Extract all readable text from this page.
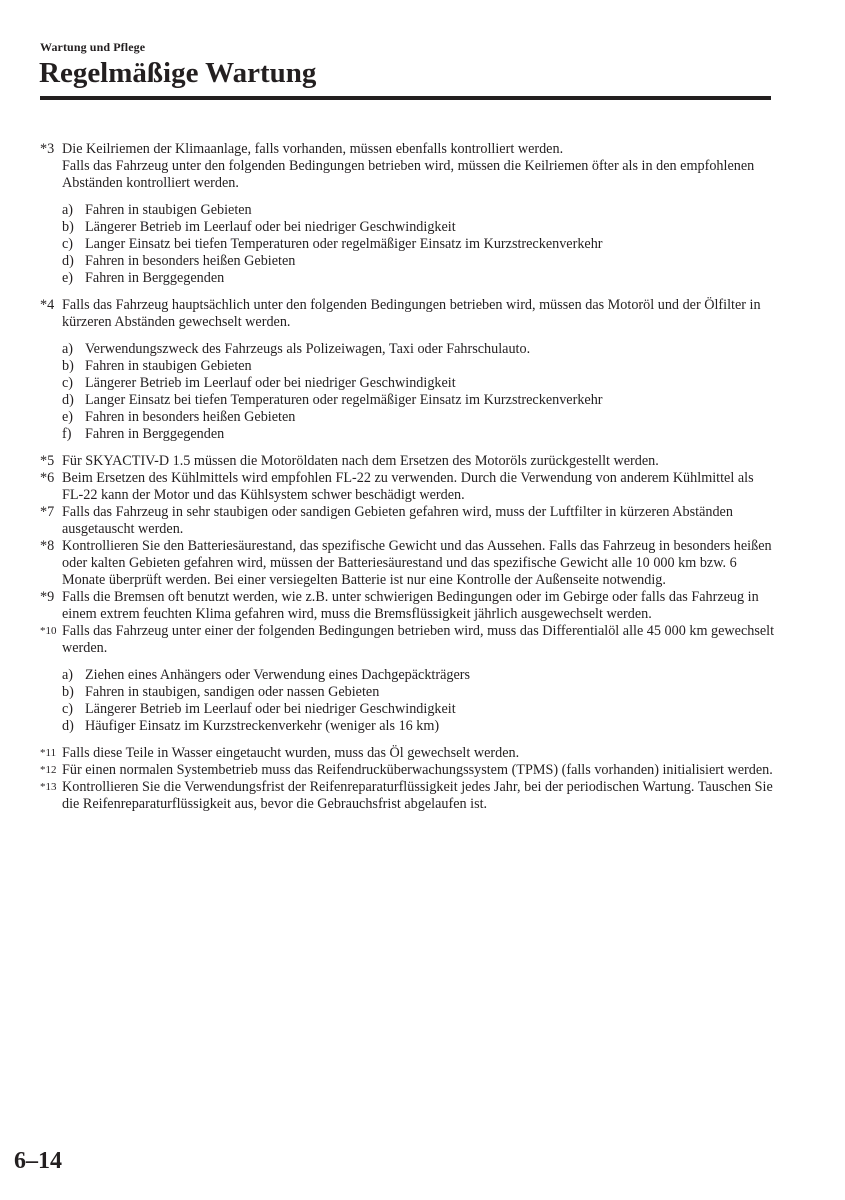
Wartung und Pflege
Regelmäßige Wartung
*3 Die Keilriemen der Klimaanlage, falls vorhanden, müssen ebenfalls kontrolliert werden.
Falls das Fahrzeug unter den folgenden Bedingungen betrieben wird, müssen die Keilriemen öfter als in den empfohlenen Abständen kontrolliert werden.
a) Fahren in staubigen Gebieten
b) Längerer Betrieb im Leerlauf oder bei niedriger Geschwindigkeit
c) Langer Einsatz bei tiefen Temperaturen oder regelmäßiger Einsatz im Kurzstreckenverkehr
d) Fahren in besonders heißen Gebieten
e) Fahren in Berggegenden
*4 Falls das Fahrzeug hauptsächlich unter den folgenden Bedingungen betrieben wird, müssen das Motoröl und der Ölfilter in kürzeren Abständen gewechselt werden.
a) Verwendungszweck des Fahrzeugs als Polizeiwagen, Taxi oder Fahrschulauto.
b) Fahren in staubigen Gebieten
c) Längerer Betrieb im Leerlauf oder bei niedriger Geschwindigkeit
d) Langer Einsatz bei tiefen Temperaturen oder regelmäßiger Einsatz im Kurzstreckenverkehr
e) Fahren in besonders heißen Gebieten
f) Fahren in Berggegenden
*5 Für SKYACTIV-D 1.5 müssen die Motoröldaten nach dem Ersetzen des Motoröls zurückgestellt werden.
*6 Beim Ersetzen des Kühlmittels wird empfohlen FL-22 zu verwenden. Durch die Verwendung von anderem Kühlmittel als FL-22 kann der Motor und das Kühlsystem schwer beschädigt werden.
*7 Falls das Fahrzeug in sehr staubigen oder sandigen Gebieten gefahren wird, muss der Luftfilter in kürzeren Abständen ausgetauscht werden.
*8 Kontrollieren Sie den Batteriesäurestand, das spezifische Gewicht und das Aussehen. Falls das Fahrzeug in besonders heißen oder kalten Gebieten gefahren wird, müssen der Batteriesäurestand und das spezifische Gewicht alle 10 000 km bzw. 6 Monate überprüft werden. Bei einer versiegelten Batterie ist nur eine Kontrolle der Außenseite notwendig.
*9 Falls die Bremsen oft benutzt werden, wie z.B. unter schwierigen Bedingungen oder im Gebirge oder falls das Fahrzeug in einem extrem feuchten Klima gefahren wird, muss die Bremsflüssigkeit jährlich ausgewechselt werden.
*10 Falls das Fahrzeug unter einer der folgenden Bedingungen betrieben wird, muss das Differentialöl alle 45 000 km gewechselt werden.
a) Ziehen eines Anhängers oder Verwendung eines Dachgepäckträgers
b) Fahren in staubigen, sandigen oder nassen Gebieten
c) Längerer Betrieb im Leerlauf oder bei niedriger Geschwindigkeit
d) Häufiger Einsatz im Kurzstreckenverkehr (weniger als 16 km)
*11 Falls diese Teile in Wasser eingetaucht wurden, muss das Öl gewechselt werden.
*12 Für einen normalen Systembetrieb muss das Reifendrucküberwachungssystem (TPMS) (falls vorhanden) initialisiert werden.
*13 Kontrollieren Sie die Verwendungsfrist der Reifenreparaturflüssigkeit jedes Jahr, bei der periodischen Wartung. Tauschen Sie die Reifenreparaturflüssigkeit aus, bevor die Gebrauchsfrist abgelaufen ist.
6–14
